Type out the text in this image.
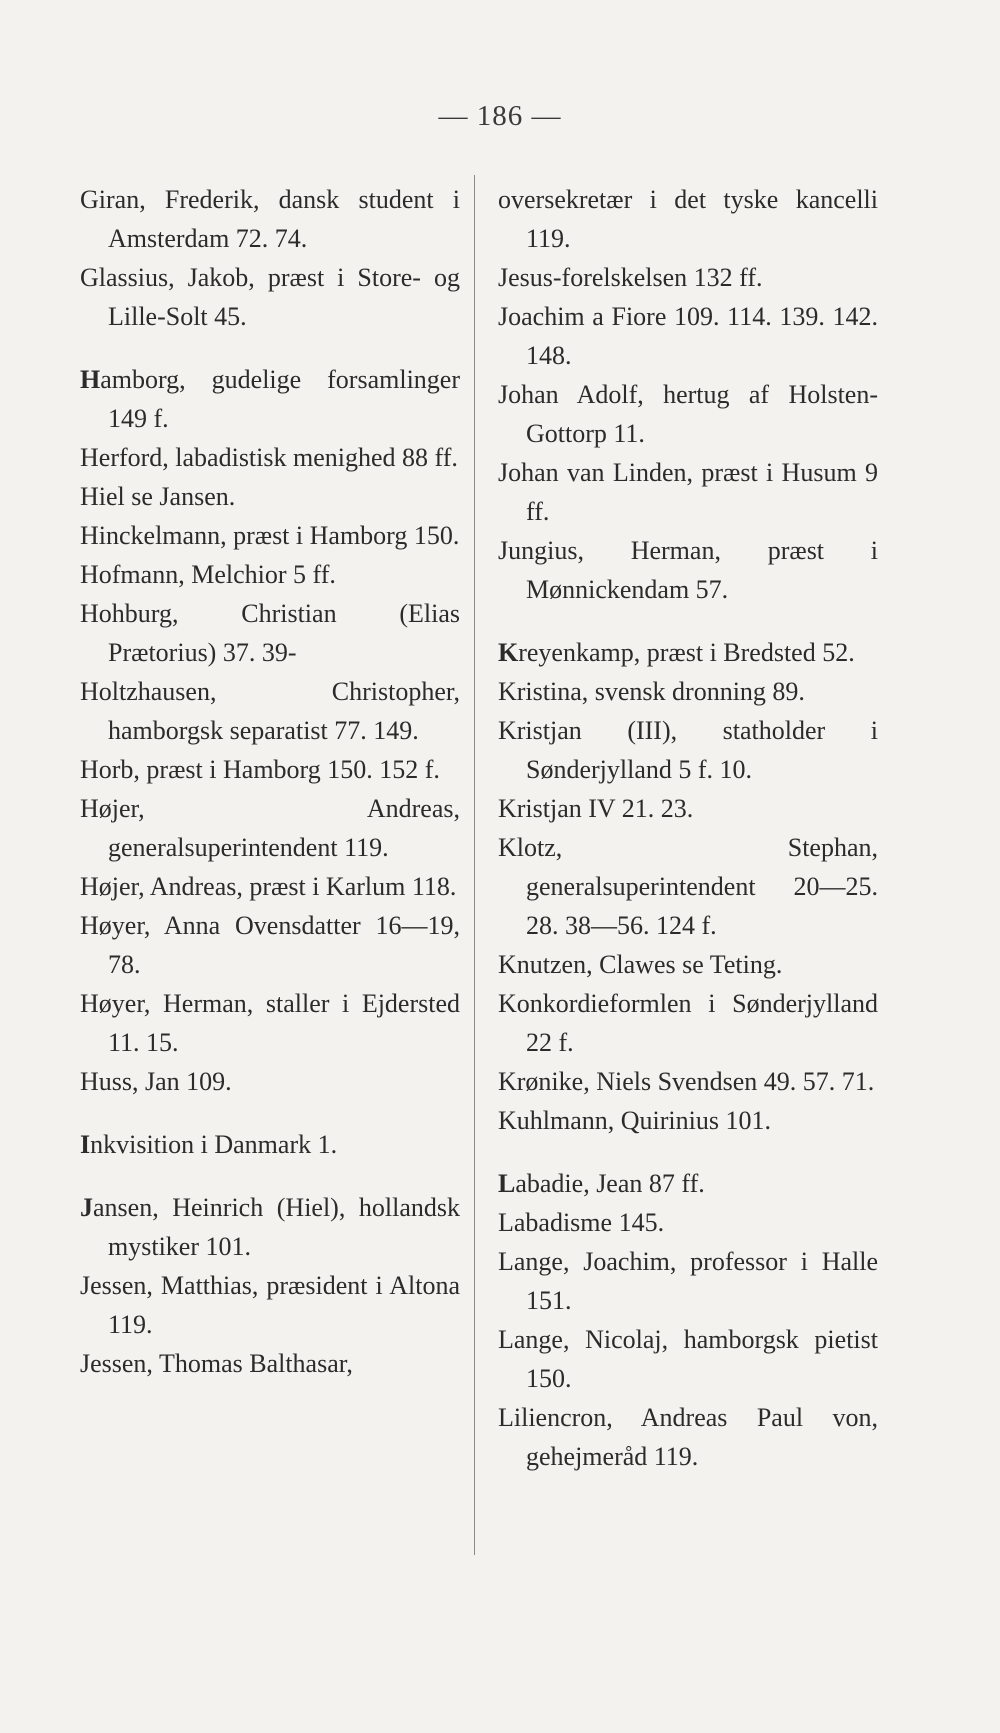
— 186 —
Giran, Frederik, dansk student i Amsterdam 72. 74.
Glassius, Jakob, præst i Store- og Lille-Solt 45.
Hamborg, gudelige forsamlinger 149 f.
Herford, labadistisk menighed 88 ff.
Hiel se Jansen.
Hinckelmann, præst i Hamborg 150.
Hofmann, Melchior 5 ff.
Hohburg, Christian (Elias Prætorius) 37. 39-
Holtzhausen, Christopher, hamborgsk separatist 77. 149.
Horb, præst i Hamborg 150. 152 f.
Højer, Andreas, generalsuperintendent 119.
Højer, Andreas, præst i Karlum 118.
Høyer, Anna Ovensdatter 16—19, 78.
Høyer, Herman, staller i Ejdersted 11. 15.
Huss, Jan 109.
Inkvisition i Danmark 1.
Jansen, Heinrich (Hiel), hollandsk mystiker 101.
Jessen, Matthias, præsident i Altona 119.
Jessen, Thomas Balthasar,
oversekretær i det tyske kancelli 119.
Jesus-forelskelsen 132 ff.
Joachim a Fiore 109. 114. 139. 142. 148.
Johan Adolf, hertug af Holsten-Gottorp 11.
Johan van Linden, præst i Husum 9 ff.
Jungius, Herman, præst i Mønnickendam 57.
Kreyenkamp, præst i Bredsted 52.
Kristina, svensk dronning 89.
Kristjan (III), statholder i Sønderjylland 5 f. 10.
Kristjan IV 21. 23.
Klotz, Stephan, generalsuperintendent 20—25. 28. 38—56. 124 f.
Knutzen, Clawes se Teting.
Konkordieformlen i Sønderjylland 22 f.
Krønike, Niels Svendsen 49. 57. 71.
Kuhlmann, Quirinius 101.
Labadie, Jean 87 ff.
Labadisme 145.
Lange, Joachim, professor i Halle 151.
Lange, Nicolaj, hamborgsk pietist 150.
Liliencron, Andreas Paul von, gehejmeråd 119.
